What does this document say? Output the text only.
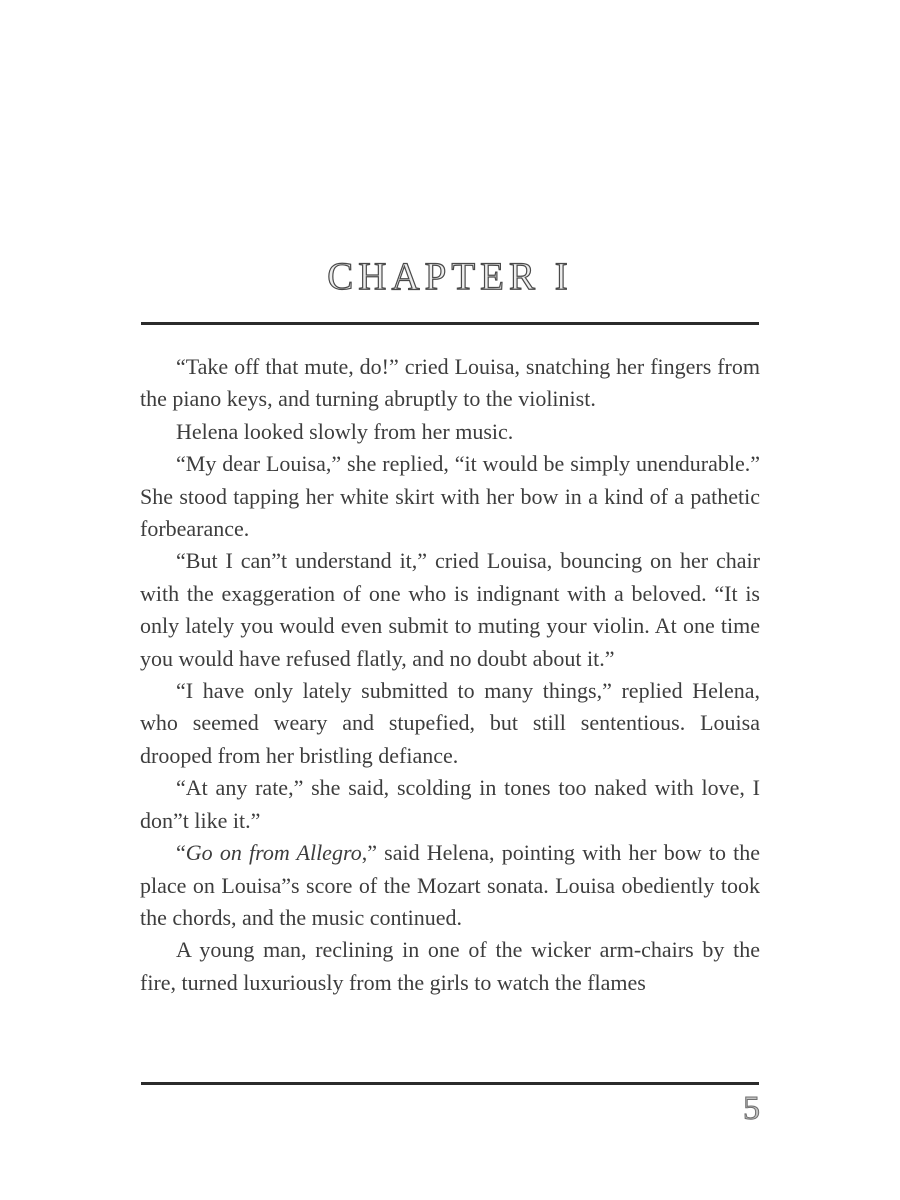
CHAPTER I

“Take off that mute, do!” cried Louisa, snatching her fingers from the piano keys, and turning abruptly to the violinist.

Helena looked slowly from her music.

“My dear Louisa,” she replied, “it would be simply unendurable.” She stood tapping her white skirt with her bow in a kind of a pathetic forbearance.

“But I can”t understand it,” cried Louisa, bouncing on her chair with the exaggeration of one who is indignant with a beloved. “It is only lately you would even submit to muting your violin. At one time you would have refused flatly, and no doubt about it.”

“I have only lately submitted to many things,” replied Helena, who seemed weary and stupefied, but still sententious. Louisa drooped from her bristling defiance.

“At any rate,” she said, scolding in tones too naked with love, I don”t like it.”

“Go on from Allegro,” said Helena, pointing with her bow to the place on Louisa”s score of the Mozart sonata. Louisa obediently took the chords, and the music continued.

A young man, reclining in one of the wicker arm-chairs by the fire, turned luxuriously from the girls to watch the flames

5
